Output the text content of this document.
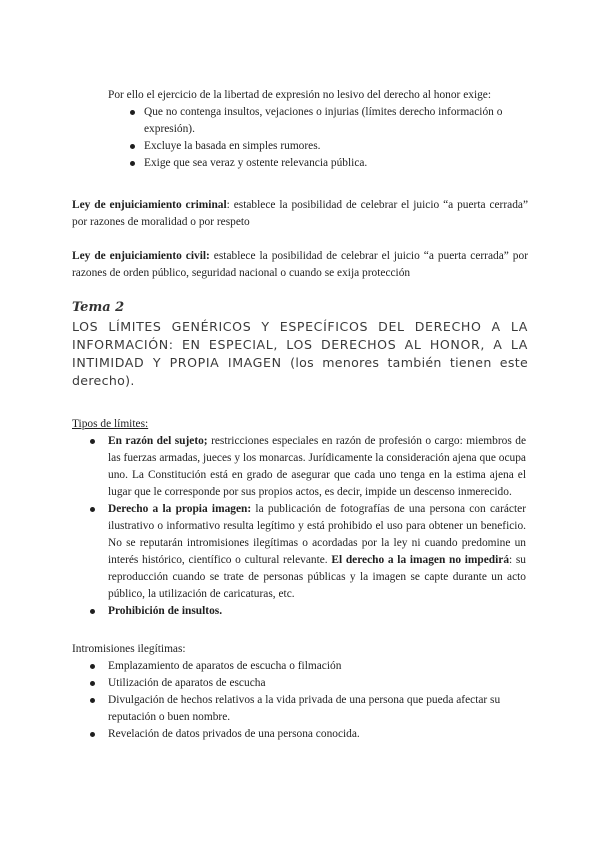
Por ello el ejercicio de la libertad de expresión no lesivo del derecho al honor exige:
Que no contenga insultos, vejaciones o injurias (límites derecho información o expresión).
Excluye la basada en simples rumores.
Exige que sea veraz y ostente relevancia pública.
Ley de enjuiciamiento criminal: establece la posibilidad de celebrar el juicio “a puerta cerrada” por razones de moralidad o por respeto
Ley de enjuiciamiento civil: establece la posibilidad de celebrar el juicio “a puerta cerrada” por razones de orden público, seguridad nacional o cuando se exija protección
Tema 2
LOS LÍMITES GENÉRICOS Y ESPECÍFICOS DEL DERECHO A LA INFORMACIÓN: EN ESPECIAL, LOS DERECHOS AL HONOR, A LA INTIMIDAD Y PROPIA IMAGEN (los menores también tienen este derecho).
Tipos de límites:
En razón del sujeto; restricciones especiales en razón de profesión o cargo: miembros de las fuerzas armadas, jueces y los monarcas. Jurídicamente la consideración ajena que ocupa uno. La Constitución está en grado de asegurar que cada uno tenga en la estima ajena el lugar que le corresponde por sus propios actos, es decir, impide un descenso inmerecido.
Derecho a la propia imagen: la publicación de fotografías de una persona con carácter ilustrativo o informativo resulta legítimo y está prohibido el uso para obtener un beneficio. No se reputarán intromisiones ilegítimas o acordadas por la ley ni cuando predomine un interés histórico, científico o cultural relevante. El derecho a la imagen no impedirá: su reproducción cuando se trate de personas públicas y la imagen se capte durante un acto público, la utilización de caricaturas, etc.
Prohibición de insultos.
Intromisiones ilegítimas:
Emplazamiento de aparatos de escucha o filmación
Utilización de aparatos de escucha
Divulgación de hechos relativos a la vida privada de una persona que pueda afectar su reputación o buen nombre.
Revelación de datos privados de una persona conocida.
